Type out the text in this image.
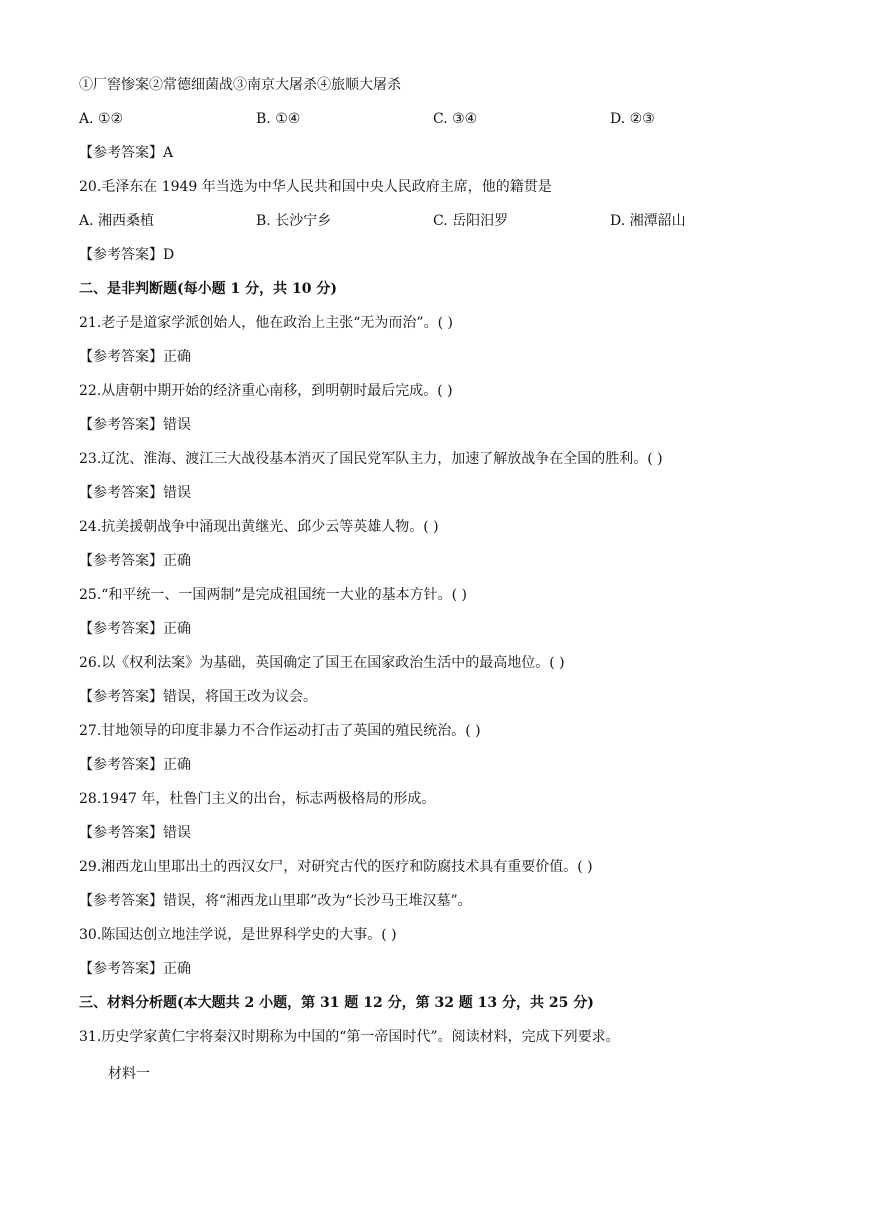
①厂窖惨案②常德细菌战③南京大屠杀④旅顺大屠杀
A. ①②	B. ①④	C. ③④	D. ②③
【参考答案】A
20.毛泽东在 1949 年当选为中华人民共和国中央人民政府主席，他的籍贯是
A. 湘西桑植	B. 长沙宁乡	C. 岳阳汨罗	D. 湘潭韶山
【参考答案】D
二、是非判断题(每小题 1 分，共 10 分)
21.老子是道家学派创始人，他在政治上主张“无为而治”。( )
【参考答案】正确
22.从唐朝中期开始的经济重心南移，到明朝时最后完成。( )
【参考答案】错误
23.辽沈、淮海、渡江三大战役基本消灭了国民党军队主力，加速了解放战争在全国的胜利。( )
【参考答案】错误
24.抗美援朝战争中涌现出黄继光、邱少云等英雄人物。( )
【参考答案】正确
25.“和平统一、一国两制”是完成祖国统一大业的基本方针。( )
【参考答案】正确
26.以《权利法案》为基础，英国确定了国王在国家政治生活中的最高地位。( )
【参考答案】错误，将国王改为议会。
27.甘地领导的印度非暴力不合作运动打击了英国的殖民统治。( )
【参考答案】正确
28.1947 年，杜鲁门主义的出台，标志两极格局的形成。
【参考答案】错误
29.湘西龙山里耶出土的西汉女尸，对研究古代的医疗和防腐技术具有重要价值。( )
【参考答案】错误，将“湘西龙山里耶”改为“长沙马王堆汉墓”。
30.陈国达创立地洼学说，是世界科学史的大事。( )
【参考答案】正确
三、材料分析题(本大题共 2 小题，第 31 题 12 分，第 32 题 13 分，共 25 分)
31.历史学家黄仁宇将秦汉时期称为中国的“第一帝国时代”。阅读材料，完成下列要求。
材料一
